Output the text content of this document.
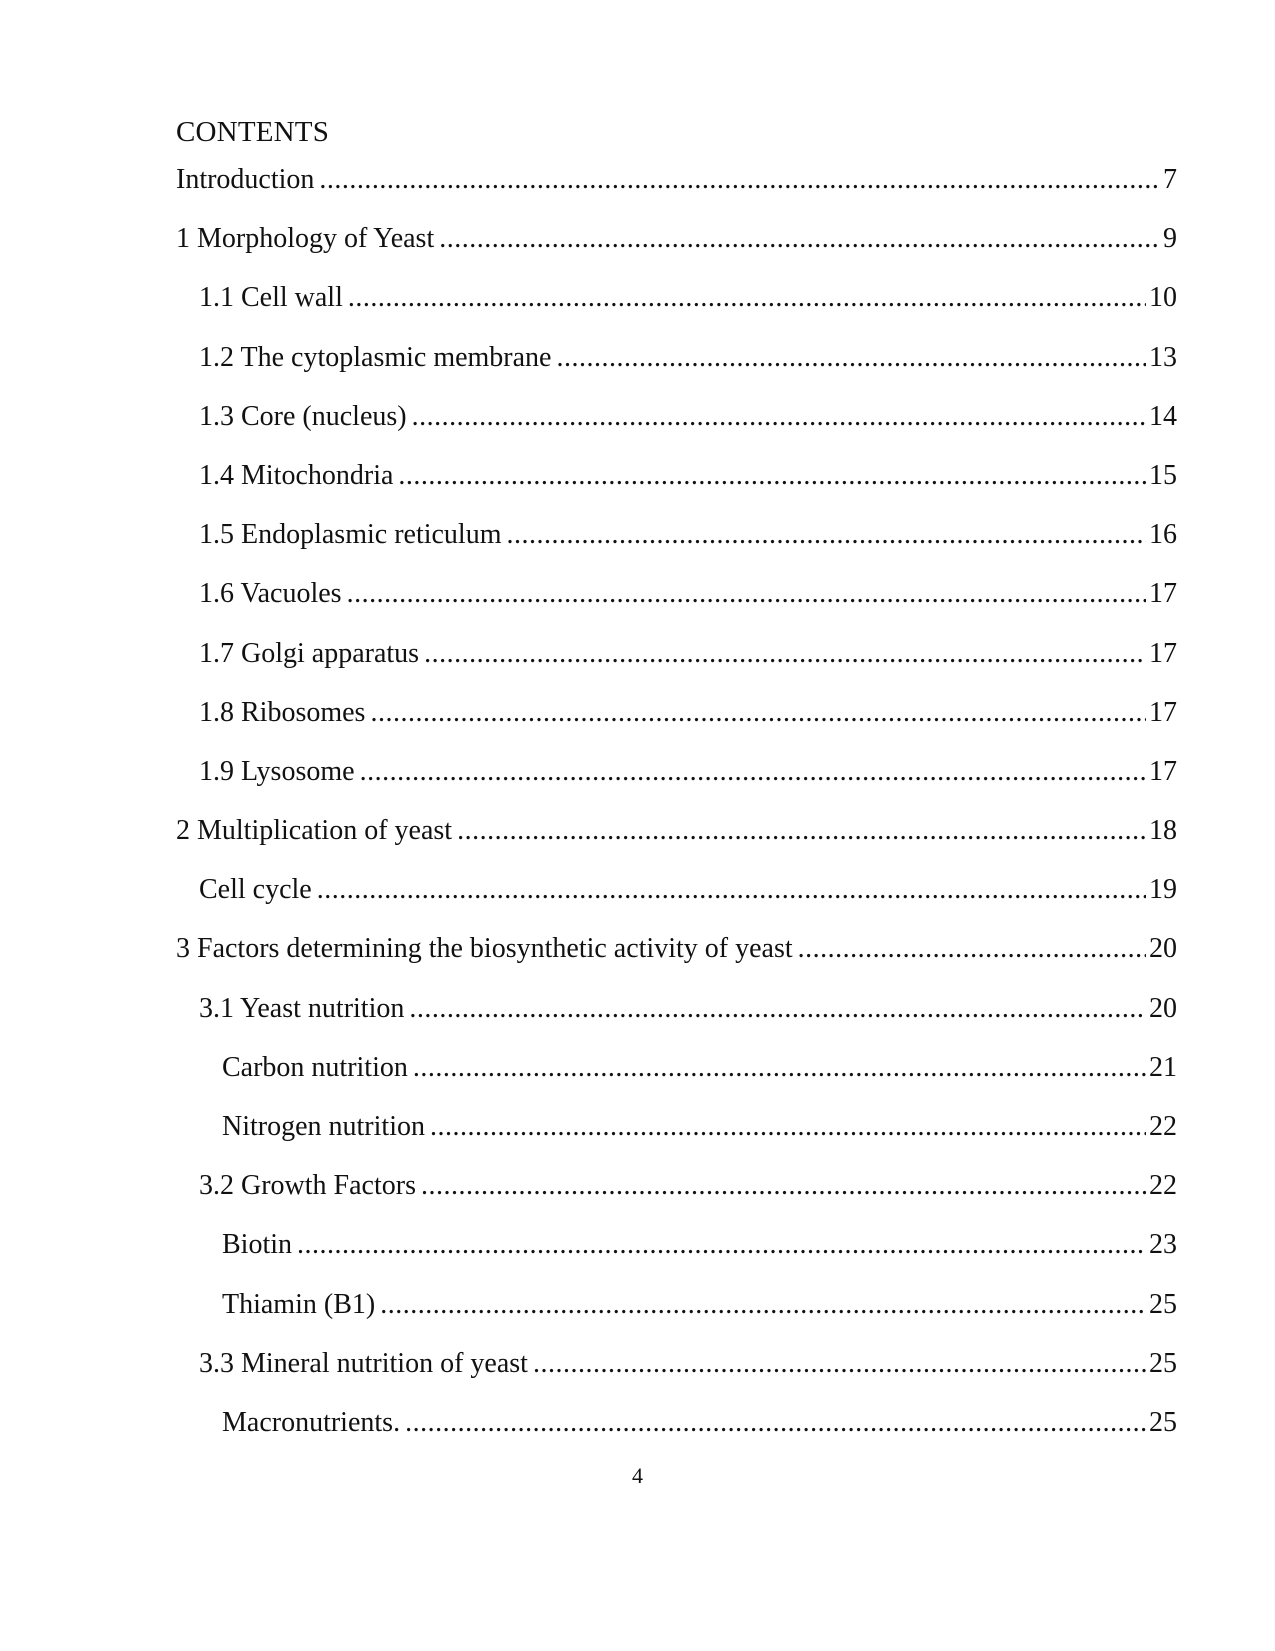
CONTENTS
Introduction .....	7
1 Morphology of Yeast .....	9
1.1 Cell wall .....	10
1.2 The cytoplasmic membrane .....	13
1.3 Core (nucleus) .....	14
1.4 Mitochondria .....	15
1.5 Endoplasmic reticulum .....	16
1.6 Vacuoles .....	17
1.7 Golgi apparatus .....	17
1.8 Ribosomes .....	17
1.9 Lysosome .....	17
2 Multiplication of yeast .....	18
Cell cycle .....	19
3 Factors determining the biosynthetic activity of yeast .....	20
3.1 Yeast nutrition .....	20
Carbon nutrition .....	21
Nitrogen nutrition .....	22
3.2 Growth Factors .....	22
Biotin .....	23
Thiamin (B1) .....	25
3.3 Mineral nutrition of yeast .....	25
Macronutrients. .....	25
4
